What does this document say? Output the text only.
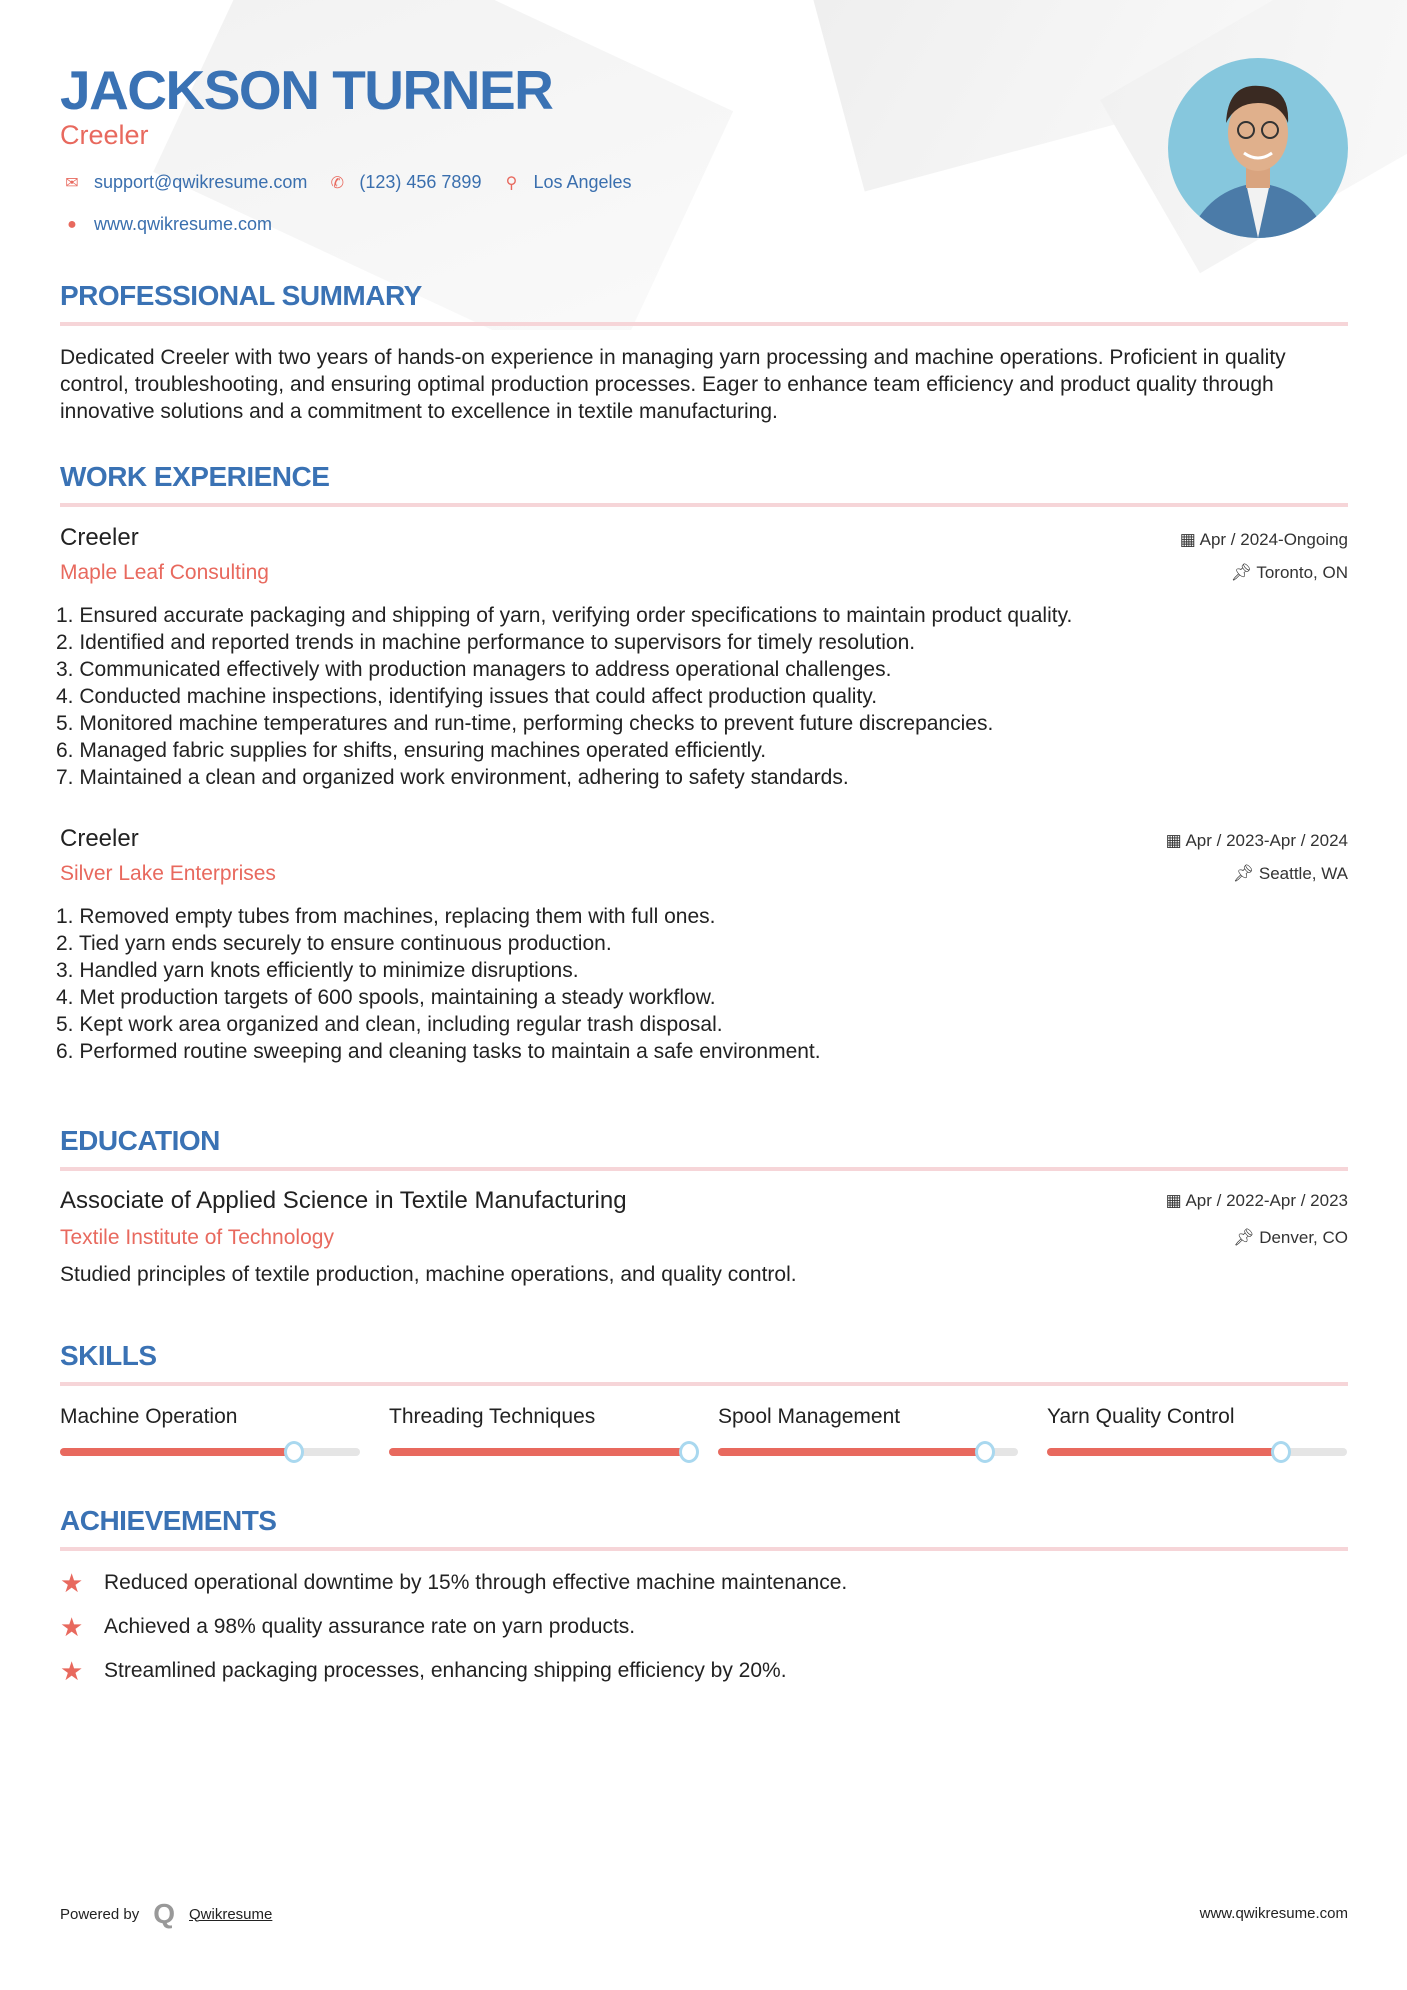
JACKSON TURNER
Creeler
✉ support@qwikresume.com	✆ (123) 456 7899	⚲ Los Angeles
● www.qwikresume.com
PROFESSIONAL SUMMARY

Dedicated Creeler with two years of hands-on experience in managing yarn processing and machine operations. Proficient in quality control, troubleshooting, and ensuring optimal production processes. Eager to enhance team efficiency and product quality through innovative solutions and a commitment to excellence in textile manufacturing.

WORK EXPERIENCE
Creeler
Maple Leaf Consulting
▦ Apr / 2024-Ongoing
📌︎ Toronto, ON
1. Ensured accurate packaging and shipping of yarn, verifying order specifications to maintain product quality.
2. Identified and reported trends in machine performance to supervisors for timely resolution.
3. Communicated effectively with production managers to address operational challenges.
4. Conducted machine inspections, identifying issues that could affect production quality.
5. Monitored machine temperatures and run-time, performing checks to prevent future discrepancies.
6. Managed fabric supplies for shifts, ensuring machines operated efficiently.
7. Maintained a clean and organized work environment, adhering to safety standards.
Creeler
Silver Lake Enterprises
▦ Apr / 2023-Apr / 2024
📌︎ Seattle, WA
1. Removed empty tubes from machines, replacing them with full ones.
2. Tied yarn ends securely to ensure continuous production.
3. Handled yarn knots efficiently to minimize disruptions.
4. Met production targets of 600 spools, maintaining a steady workflow.
5. Kept work area organized and clean, including regular trash disposal.
6. Performed routine sweeping and cleaning tasks to maintain a safe environment.
EDUCATION
Associate of Applied Science in Textile Manufacturing
Textile Institute of Technology
Studied principles of textile production, machine operations, and quality control.
▦ Apr / 2022-Apr / 2023
📌︎ Denver, CO
SKILLS
Machine Operation	Threading Techniques	Spool Management	Yarn Quality Control
ACHIEVEMENTS
★ Reduced operational downtime by 15% through effective machine maintenance.
★ Achieved a 98% quality assurance rate on yarn products.
★ Streamlined packaging processes, enhancing shipping efficiency by 20%.
Powered by Q Qwikresume	www.qwikresume.com
